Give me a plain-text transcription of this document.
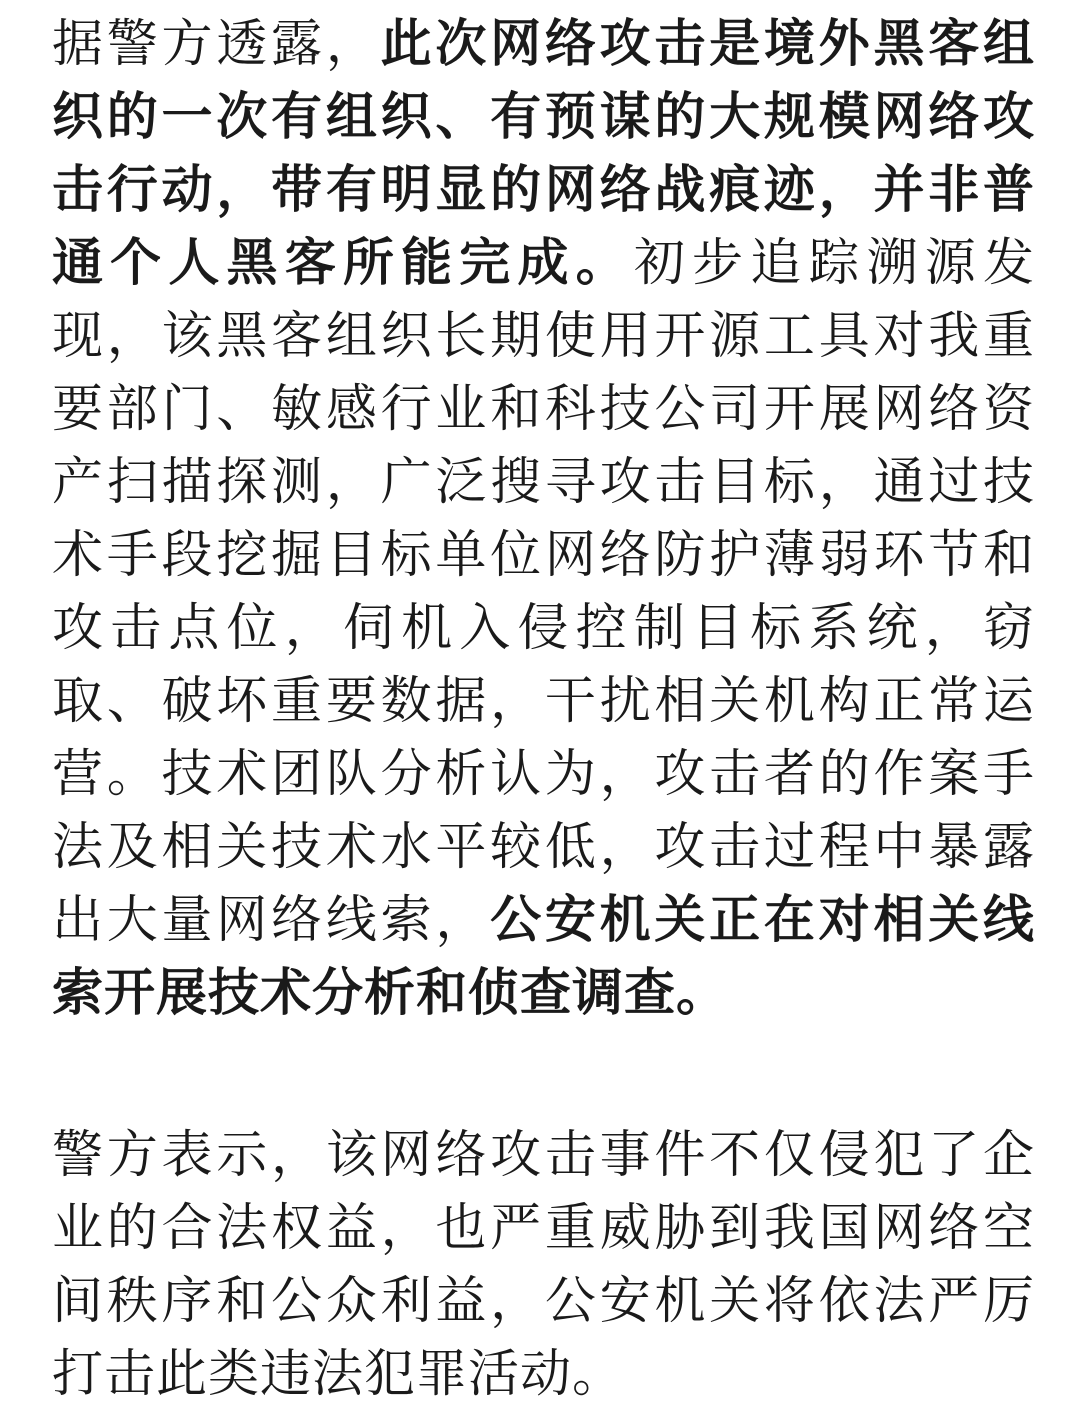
据警方透露，此次网络攻击是境外黑客组织的一次有组织、有预谋的大规模网络攻击行动，带有明显的网络战痕迹，并非普通个人黑客所能完成。初步追踪溯源发现，该黑客组织长期使用开源工具对我重要部门、敏感行业和科技公司开展网络资产扫描探测，广泛搜寻攻击目标，通过技术手段挖掘目标单位网络防护薄弱环节和攻击点位，伺机入侵控制目标系统，窃取、破坏重要数据，干扰相关机构正常运营。技术团队分析认为，攻击者的作案手法及相关技术水平较低，攻击过程中暴露出大量网络线索，公安机关正在对相关线索开展技术分析和侦查调查。

警方表示，该网络攻击事件不仅侵犯了企业的合法权益，也严重威胁到我国网络空间秩序和公众利益，公安机关将依法严厉打击此类违法犯罪活动。
